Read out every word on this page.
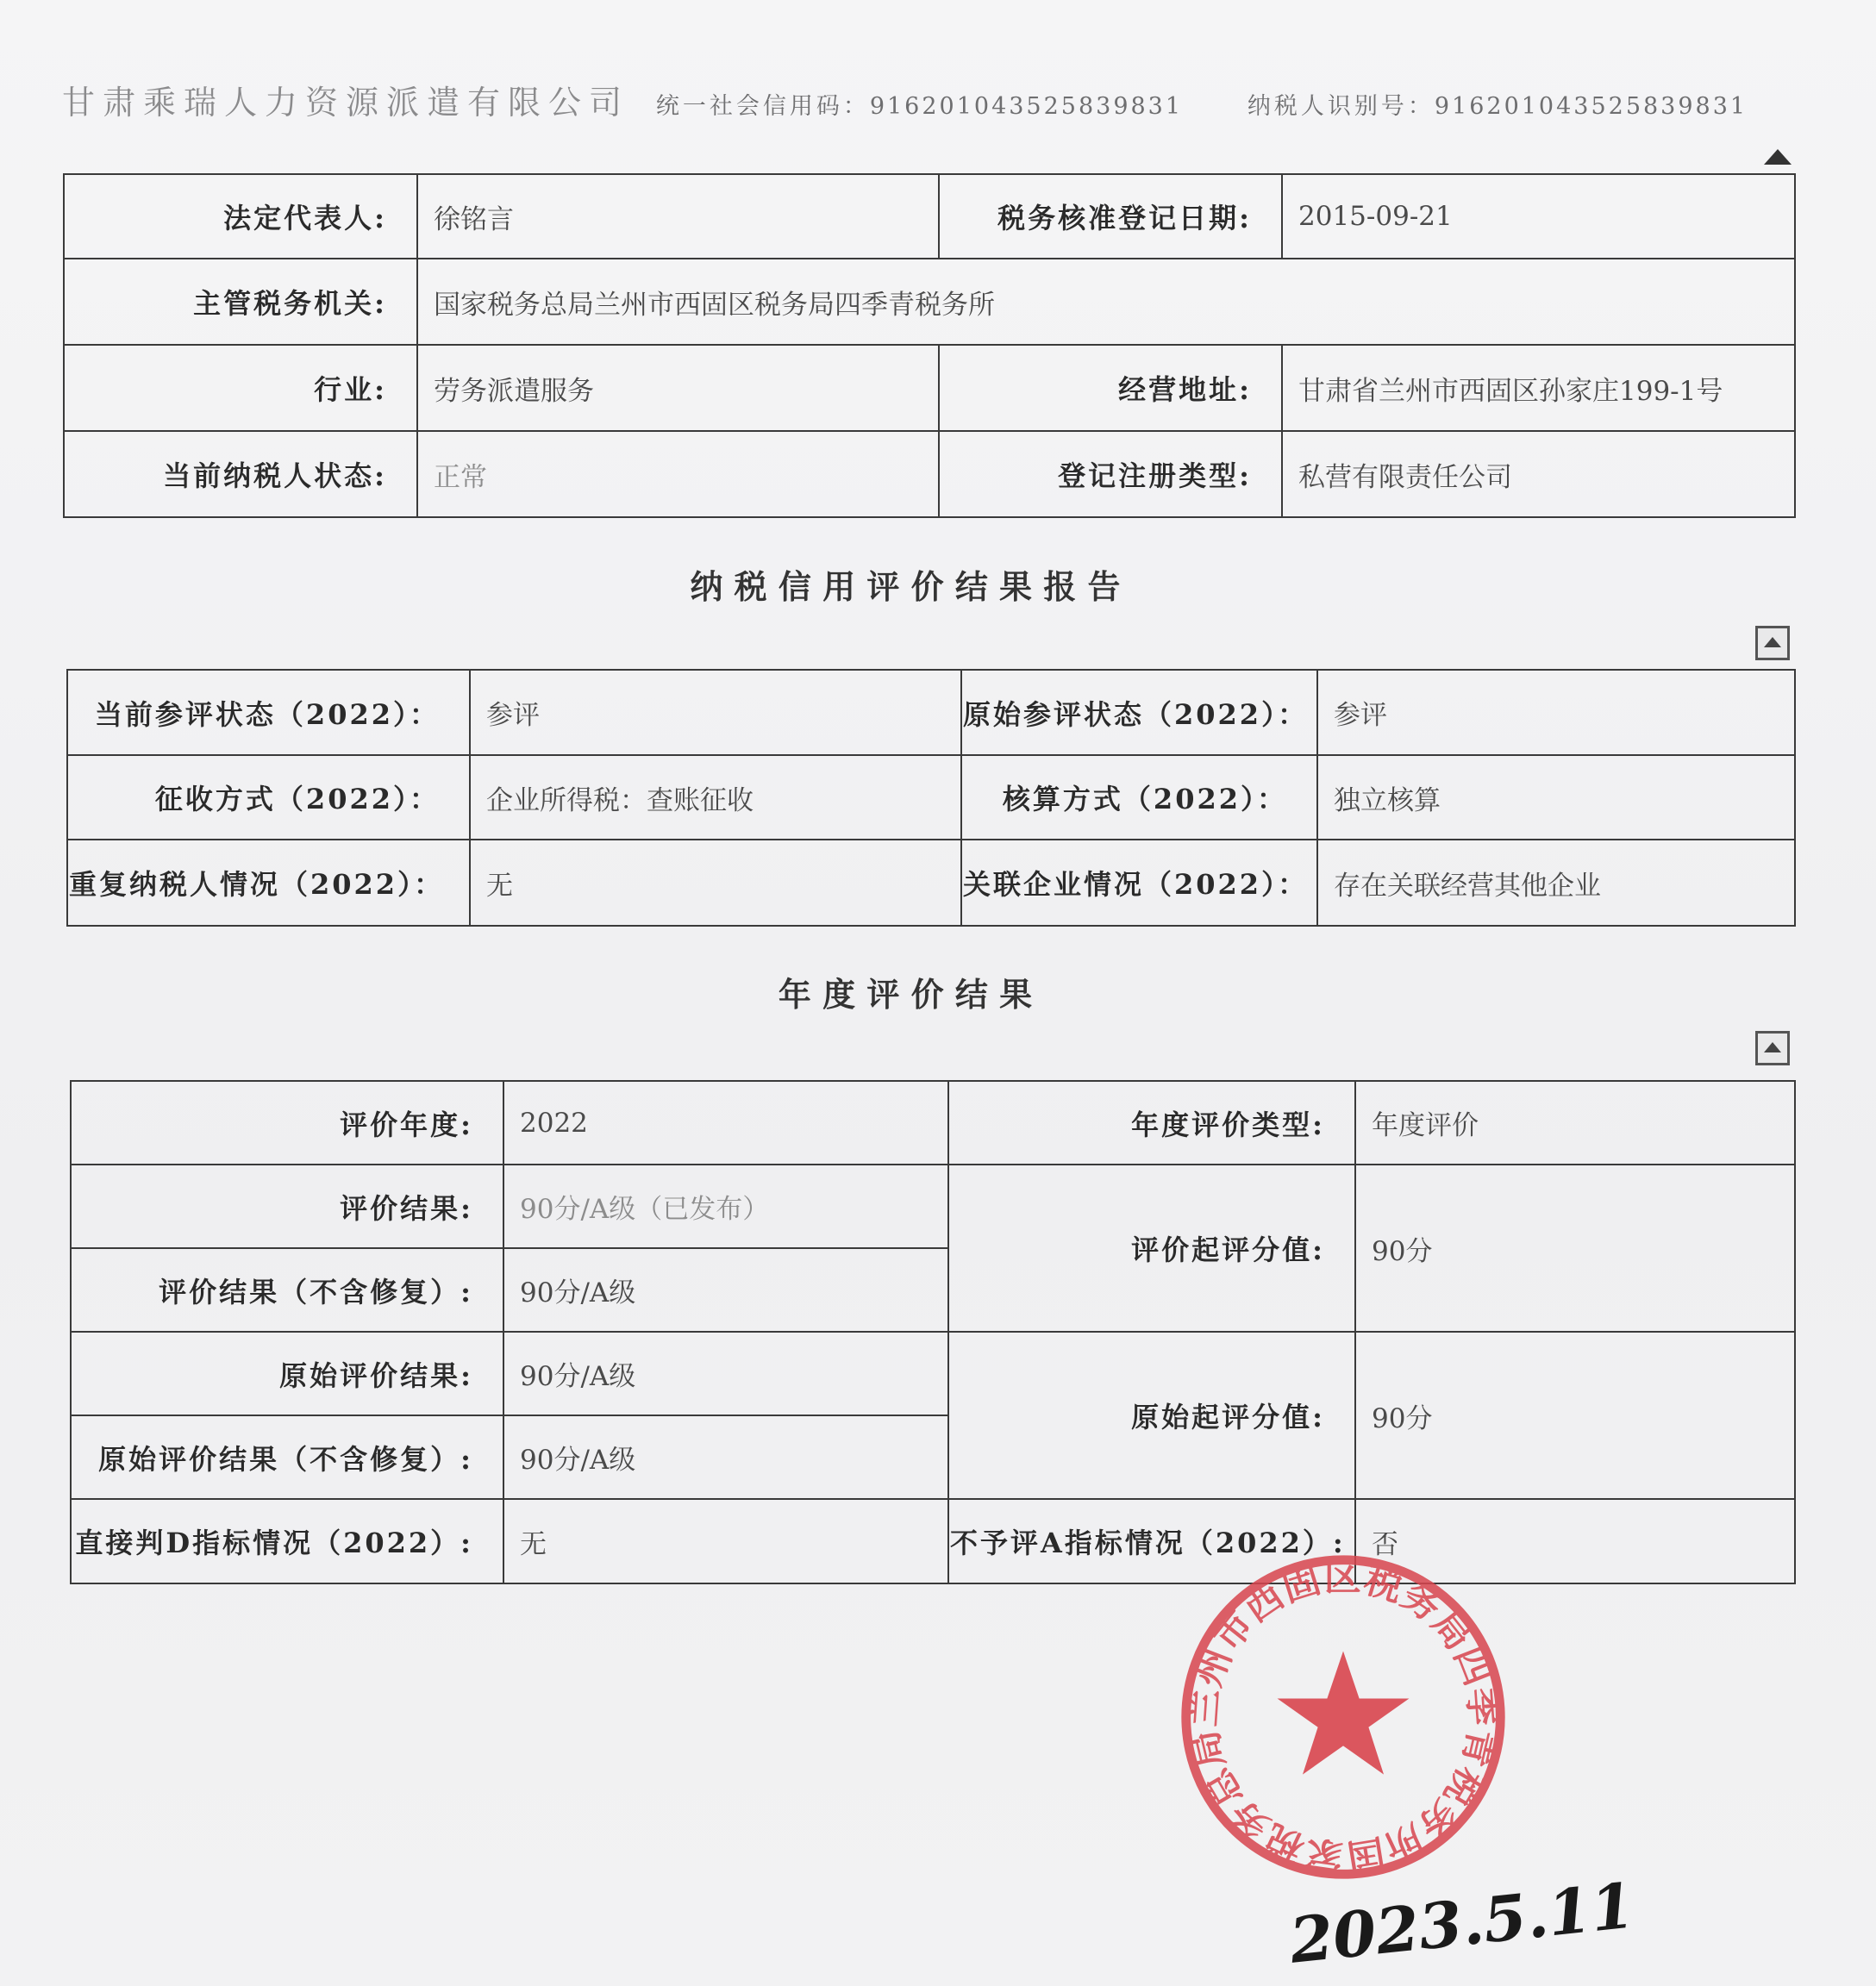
甘肃乘瑞人力资源派遣有限公司 统一社会信用码：916201043525839831	纳税人识别号：916201043525839831
法定代表人:	徐铭言	税务核准登记日期:	2015-09-21
主管税务机关:	国家税务总局兰州市西固区税务局四季青税务所		
行业:	劳务派遣服务	经营地址:	甘肃省兰州市西固区孙家庄199-1号
当前纳税人状态:	正常	登记注册类型:	私营有限责任公司
纳 税 信 用 评 价 结 果 报 告
当前参评状态（2022）：	参评	原始参评状态（2022）：	参评
征收方式（2022）：	企业所得税：查账征收	核算方式（2022）：	独立核算
重复纳税人情况（2022）：	无	关联企业情况（2022）：	存在关联经营其他企业
年 度 评 价 结 果
评价年度:	2022	年度评价类型:	年度评价
评价结果:	90分/A级（已发布）	评价起评分值:	90分
评价结果（不含修复）:	90分/A级		
原始评价结果:	90分/A级	原始起评分值:	90分
原始评价结果（不含修复）:	90分/A级		
直接判D指标情况（2022）:	无	不予评A指标情况（2022）:	否
国家税务总局兰州市西固区税务局四季青税务所
2023.5.11
